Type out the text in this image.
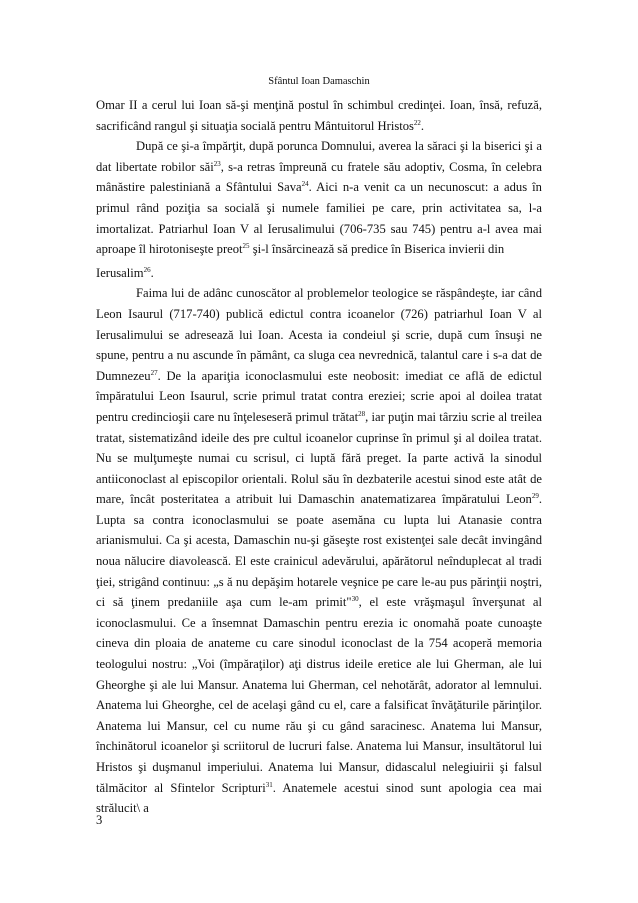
Sfântul Ioan Damaschin

Omar II a cerul lui Ioan să-şi menţină postul în schimbul credinţei. Ioan, însă, refuză, sacrificând rangul şi situaţia socială pentru Mântuitorul Hristos$^{22}$.

După ce şi-a împărţit, după porunca Domnului, averea la săraci şi la biserici şi a dat libertate robilor săi$^{23}$, s-a retras împreună cu fratele său adoptiv, Cosma, în celebra mânăstire palestiniană a Sfântului Sava$^{24}$. Aici n-a venit ca un necunoscut: a adus în primul rând poziţia sa socială şi numele familiei pe care, prin activitatea sa, l-a imortalizat. Patriarhul Ioan V al Ierusalimului (706-735 sau 745) pentru a-l avea mai aproape îl hirotoniseşte preot$^{25}$ şi-l însărcinează să predice în Biserica invierii din

Ierusalim$^{26}$.

Faima lui de adânc cunoscător al problemelor teologice se răspândeşte, iar când Leon Isaurul (717-740) publică edictul contra icoanelor (726) patriarhul Ioan V al Ierusalimului se adresează lui Ioan. Acesta ia condeiul şi scrie, după cum însuşi ne spune, pentru a nu ascunde în pământ, ca sluga cea nevrednică, talantul care i s-a dat de Dumnezeu$^{27}$. De la apariţia iconoclasmului este neobosit: imediat ce află de edictul împăratului Leon Isaurul, scrie primul tratat contra ereziei; scrie apoi al doilea tratat pentru credincioşii care nu înţeleseseră primul trătat$^{28}$, iar puţin mai târziu scrie al treilea tratat, sistematizând ideile des pre cultul icoanelor cuprinse în primul şi al doilea tratat. Nu se mulţumeşte numai cu scrisul, ci luptă fără preget. Ia parte activă la sinodul antiiconoclast al episcopilor orientali. Rolul său în dezbaterile acestui sinod este atât de mare, încât posteritatea a atribuit lui Damaschin anatematizarea împăratului Leon$^{29}$. Lupta sa contra iconoclasmului se poate asemăna cu lupta lui Atanasie contra arianismului. Ca şi acesta, Damaschin nu-şi găseşte rost existenţei sale decât invingând noua nălucire diavolească. El este crainicul adevărului, apărătorul neînduplecat al tradi ţiei, strigând continuu: „s ă nu depăşim hotarele veşnice pe care le-au pus părinţii noştri, ci să ţinem predaniile aşa cum le-am primit"$^{30}$, el este vrăşmaşul înverşunat al iconoclasmului. Ce a însemnat Damaschin pentru erezia ic onomahă poate cunoaşte cineva din ploaia de anateme cu care sinodul iconoclast de la 754 acoperă memoria teologului nostru: „Voi (împăraţilor) aţi distrus ideile eretice ale lui Gherman, ale lui Gheorghe şi ale lui Mansur. Anatema lui Gherman, cel nehotărât, adorator al lemnului. Anatema lui Gheorghe, cel de acelaşi gând cu el, care a falsificat învăţăturile părinţilor. Anatema lui Mansur, cel cu nume rău şi cu gând saracinesc. Anatema lui Mansur, închinătorul icoanelor şi scriitorul de lucruri false. Anatema lui Mansur, insultătorul lui Hristos şi duşmanul imperiului. Anatema lui Mansur, didascalul nelegiuirii şi falsul tălmăcitor al Sfintelor Scripturi$^{31}$. Anatemele acestui sinod sunt apologia cea mai strălucit\ a

3
